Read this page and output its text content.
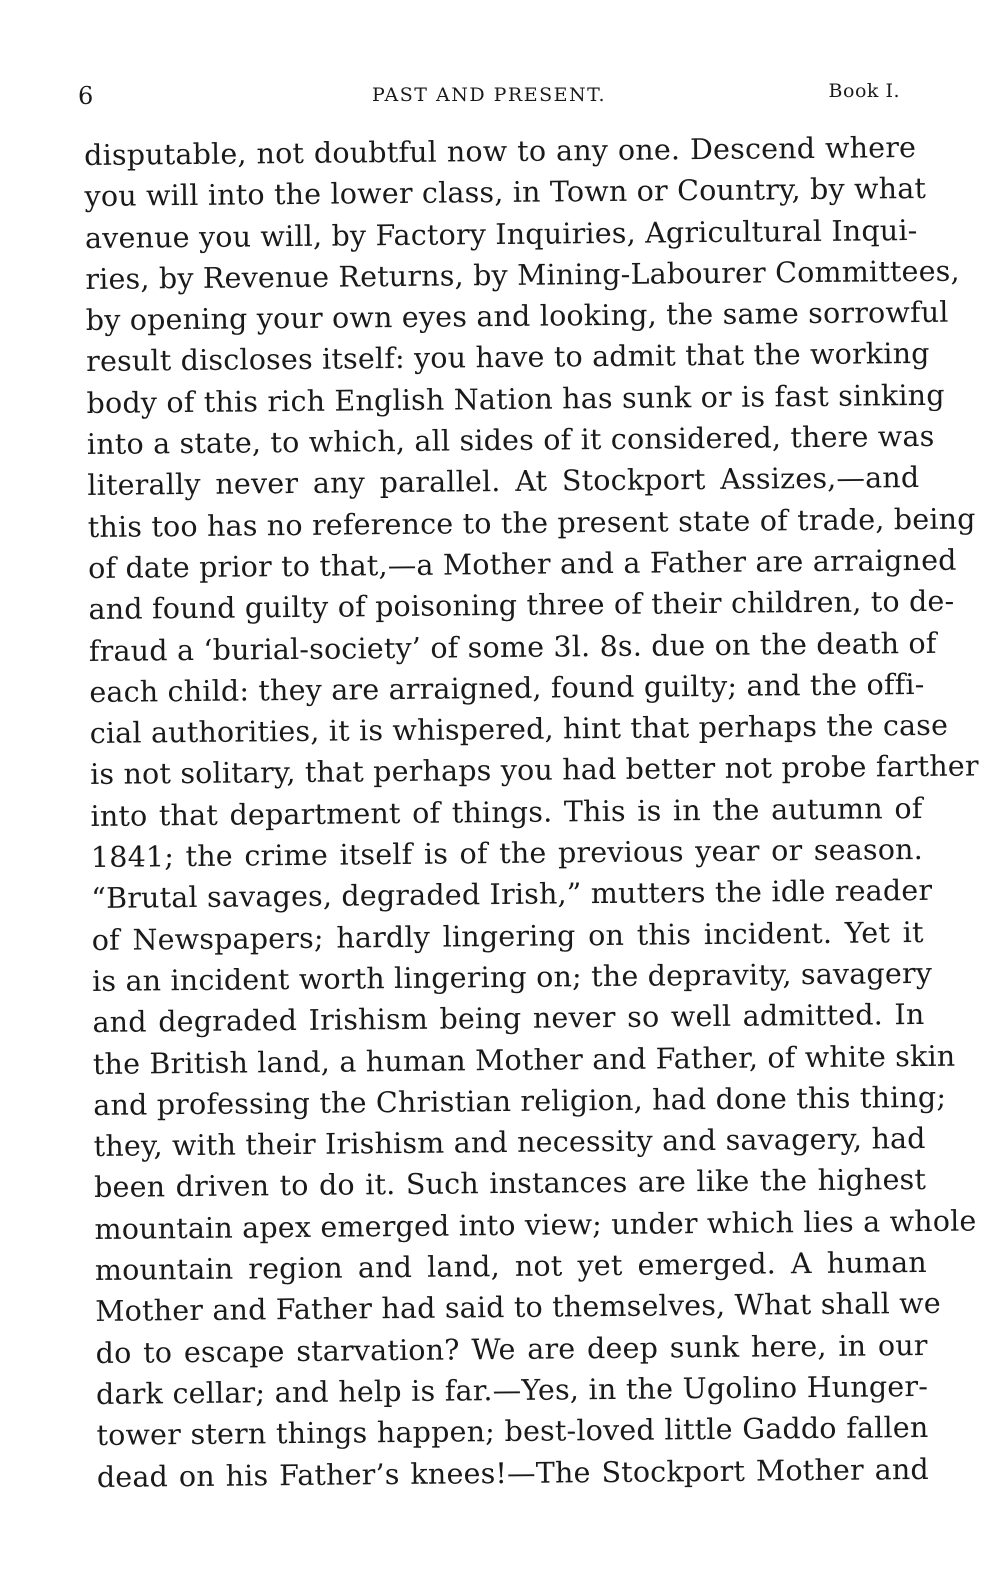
6	PAST AND PRESENT.	Book I.
disputable, not doubtful now to any one. Descend where
you will into the lower class, in Town or Country, by what
avenue you will, by Factory Inquiries, Agricultural Inqui-
ries, by Revenue Returns, by Mining-Labourer Committees,
by opening your own eyes and looking, the same sorrowful
result discloses itself: you have to admit that the working
body of this rich English Nation has sunk or is fast sinking
into a state, to which, all sides of it considered, there was
literally never any parallel. At Stockport Assizes,—and
this too has no reference to the present state of trade, being
of date prior to that,—a Mother and a Father are arraigned
and found guilty of poisoning three of their children, to de-
fraud a ‘burial-society’ of some 3l. 8s. due on the death of
each child: they are arraigned, found guilty; and the offi-
cial authorities, it is whispered, hint that perhaps the case
is not solitary, that perhaps you had better not probe farther
into that department of things. This is in the autumn of
1841; the crime itself is of the previous year or season.
“Brutal savages, degraded Irish,” mutters the idle reader
of Newspapers; hardly lingering on this incident. Yet it
is an incident worth lingering on; the depravity, savagery
and degraded Irishism being never so well admitted. In
the British land, a human Mother and Father, of white skin
and professing the Christian religion, had done this thing;
they, with their Irishism and necessity and savagery, had
been driven to do it. Such instances are like the highest
mountain apex emerged into view; under which lies a whole
mountain region and land, not yet emerged. A human
Mother and Father had said to themselves, What shall we
do to escape starvation? We are deep sunk here, in our
dark cellar; and help is far.—Yes, in the Ugolino Hunger-
tower stern things happen; best-loved little Gaddo fallen
dead on his Father’s knees!—The Stockport Mother and
